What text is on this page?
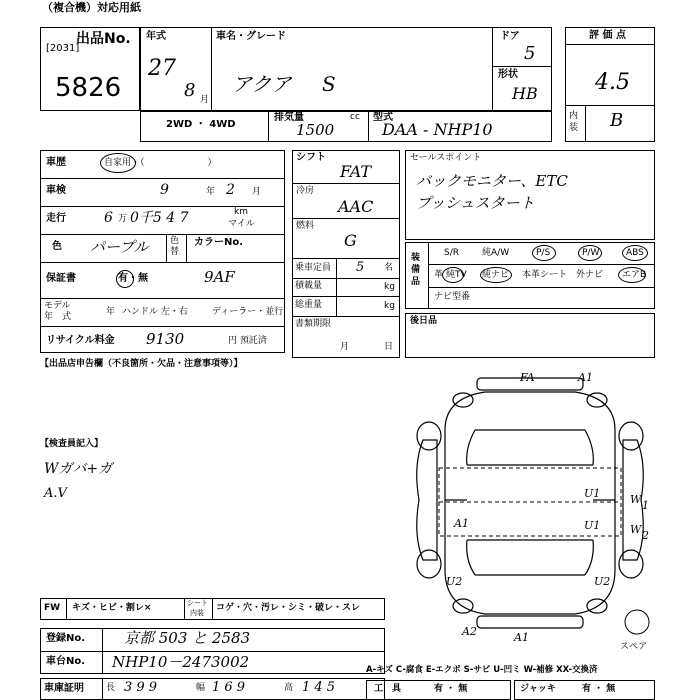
（複合機）対応用紙
出品No.
[2031]
5826
年式
27
8 月
車名・グレード
アクア S
ドア
5
形状
HB
評 価 点
4.5
内装 B
2WD ・ 4WD
排気量	cc
1500
型式
DAA - NHP10
車歴	自家用・（　　　　　　　）
車検	9	年 2 月
走行	6 万 0千5 4 7	km
マイル
色 パープル 色替
カラーNo.
保証書	有・無	9AF
モデル
年　式	年 ハンドル 左・右	ディーラー・並行
リサイクル料金 9130	円 預託済
シフト
FAT
冷房
AAC
燃料
G
乗車定員 5 名
積載量	kg
総重量	kg
書類期限
月	日
セールスポイント
バックモニター、ETC
プッシュスタート
装備品
S/R	純A/W	P/S	P/W	ABS
革 純TV 純ナビ 本革シート 外ナビ エアB
ナビ型番
後日品
【出品店申告欄（不良箇所・欠品・注意事項等）】
【検査員記入】
Wガバ+ガ
A.V
FA	A1
U1
U1
A1
U2	U2
A2	A1
W 1
W 2
スペア
FW キズ・ヒビ・割レ×	シート
内装 コゲ・穴・汚レ・シミ・破レ・スレ
登録No.	京都 503 と 2583
車台No. NHP10－2473002
車庫証明 長 3 9 9	幅 1 6 9	高 1 4 5
A-キズ C-腐食 E-エクボ S-サビ U-凹ミ W-補修 XX-交換済
工　具	有 ・ 無	ジャッキ	有 ・ 無
